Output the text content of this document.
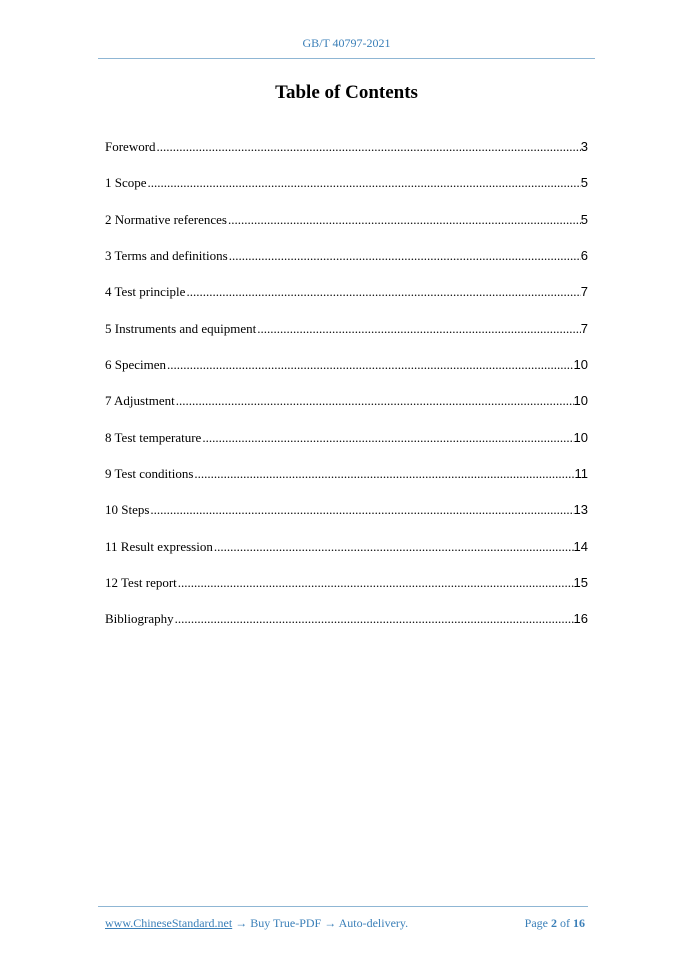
GB/T 40797-2021
Table of Contents
Foreword .....	3
1 Scope .....	5
2 Normative references .....	5
3 Terms and definitions .....	6
4 Test principle .....	7
5 Instruments and equipment .....	7
6 Specimen .....	10
7 Adjustment .....	10
8 Test temperature .....	10
9 Test conditions .....	11
10 Steps .....	13
11 Result expression .....	14
12 Test report .....	15
Bibliography .....	16
www.ChineseStandard.net → Buy True-PDF → Auto-delivery.	Page 2 of 16
